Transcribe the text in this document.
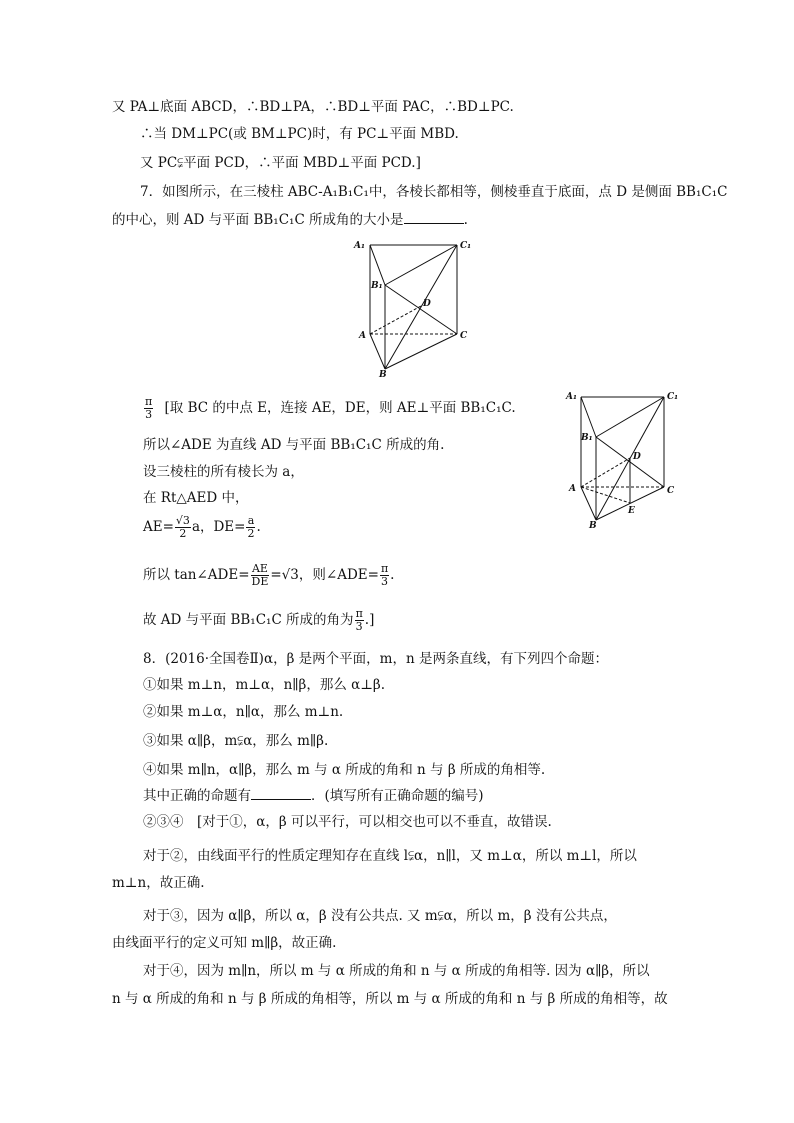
又 PA⊥底面 ABCD，∴BD⊥PA，∴BD⊥平面 PAC，∴BD⊥PC.
∴当 DM⊥PC(或 BM⊥PC)时，有 PC⊥平面 MBD.
又 PC⫋平面 PCD，∴平面 MBD⊥平面 PCD.]
7．如图所示，在三棱柱 ABC-A₁B₁C₁中，各棱长都相等，侧棱垂直于底面，点 D 是侧面 BB₁C₁C
的中心，则 AD 与平面 BB₁C₁C 所成角的大小是	.
A₁	C₁
B₁
D
A	C
B
$\frac{\pi}{3}$ [取 BC 的中点 E，连接 AE，DE，则 AE⊥平面 BB₁C₁C.
所以∠ADE 为直线 AD 与平面 BB₁C₁C 所成的角.
设三棱柱的所有棱长为 a，
在 Rt△AED 中，
$AE= \frac{√3}{2}$ a，$DE= \frac{a}{2}$ .
所以 tan∠ADE= $\frac{AE}{DE} =√3$，则∠ADE= $\frac{\pi}{3}$ .
故 AD 与平面 BB₁C₁C 所成的角为 $\frac{\pi}{3}$ .]
A₁	C₁
B₁
D
A	C
E
B
8．(2016·全国卷Ⅱ)α，β 是两个平面，m，n 是两条直线，有下列四个命题：
①如果 m⊥n，m⊥α，n∥β，那么 α⊥β.
②如果 m⊥α，n∥α，那么 m⊥n.
③如果 α∥β，m⫋α，那么 m∥β.
④如果 m∥n，α∥β，那么 m 与 α 所成的角和 n 与 β 所成的角相等.
其中正确的命题有	．(填写所有正确命题的编号)
②③④　[对于①，α，β 可以平行，可以相交也可以不垂直，故错误.
对于②，由线面平行的性质定理知存在直线 l⫋α，n∥l，又 m⊥α，所以 m⊥l，所以
m⊥n，故正确.
对于③，因为 α∥β，所以 α，β 没有公共点. 又 m⫋α，所以 m，β 没有公共点，
由线面平行的定义可知 m∥β，故正确.
对于④，因为 m∥n，所以 m 与 α 所成的角和 n 与 α 所成的角相等. 因为 α∥β，所以
n 与 α 所成的角和 n 与 β 所成的角相等，所以 m 与 α 所成的角和 n 与 β 所成的角相等，故
